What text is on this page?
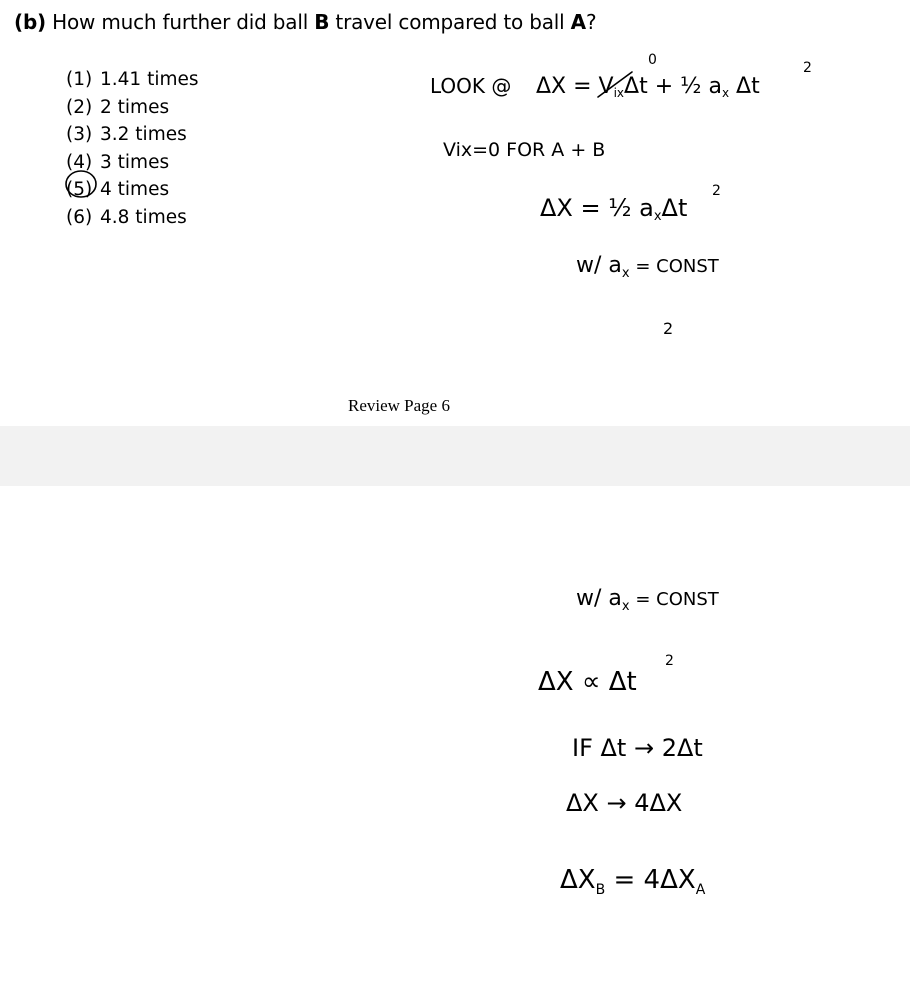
(b) How much further did ball B travel compared to ball A?
(1) 1.41 times
(2) 2 times
(3) 3.2 times
(4) 3 times
(5) 4 times
(6) 4.8 times
Review Page 6
LOOK @ ΔX = VixΔt + ½ ax Δt
2
0
Vix=0 FOR A + B
ΔX = ½ axΔt
2
w/ $a_x$ $^{= CONST}$
2
w/ $a_x$ $^{= CONST}$
ΔX ∝ Δt
2
IF Δt → 2Δt
ΔX → 4ΔX
$\Delta X_B = 4\Delta X_A$
